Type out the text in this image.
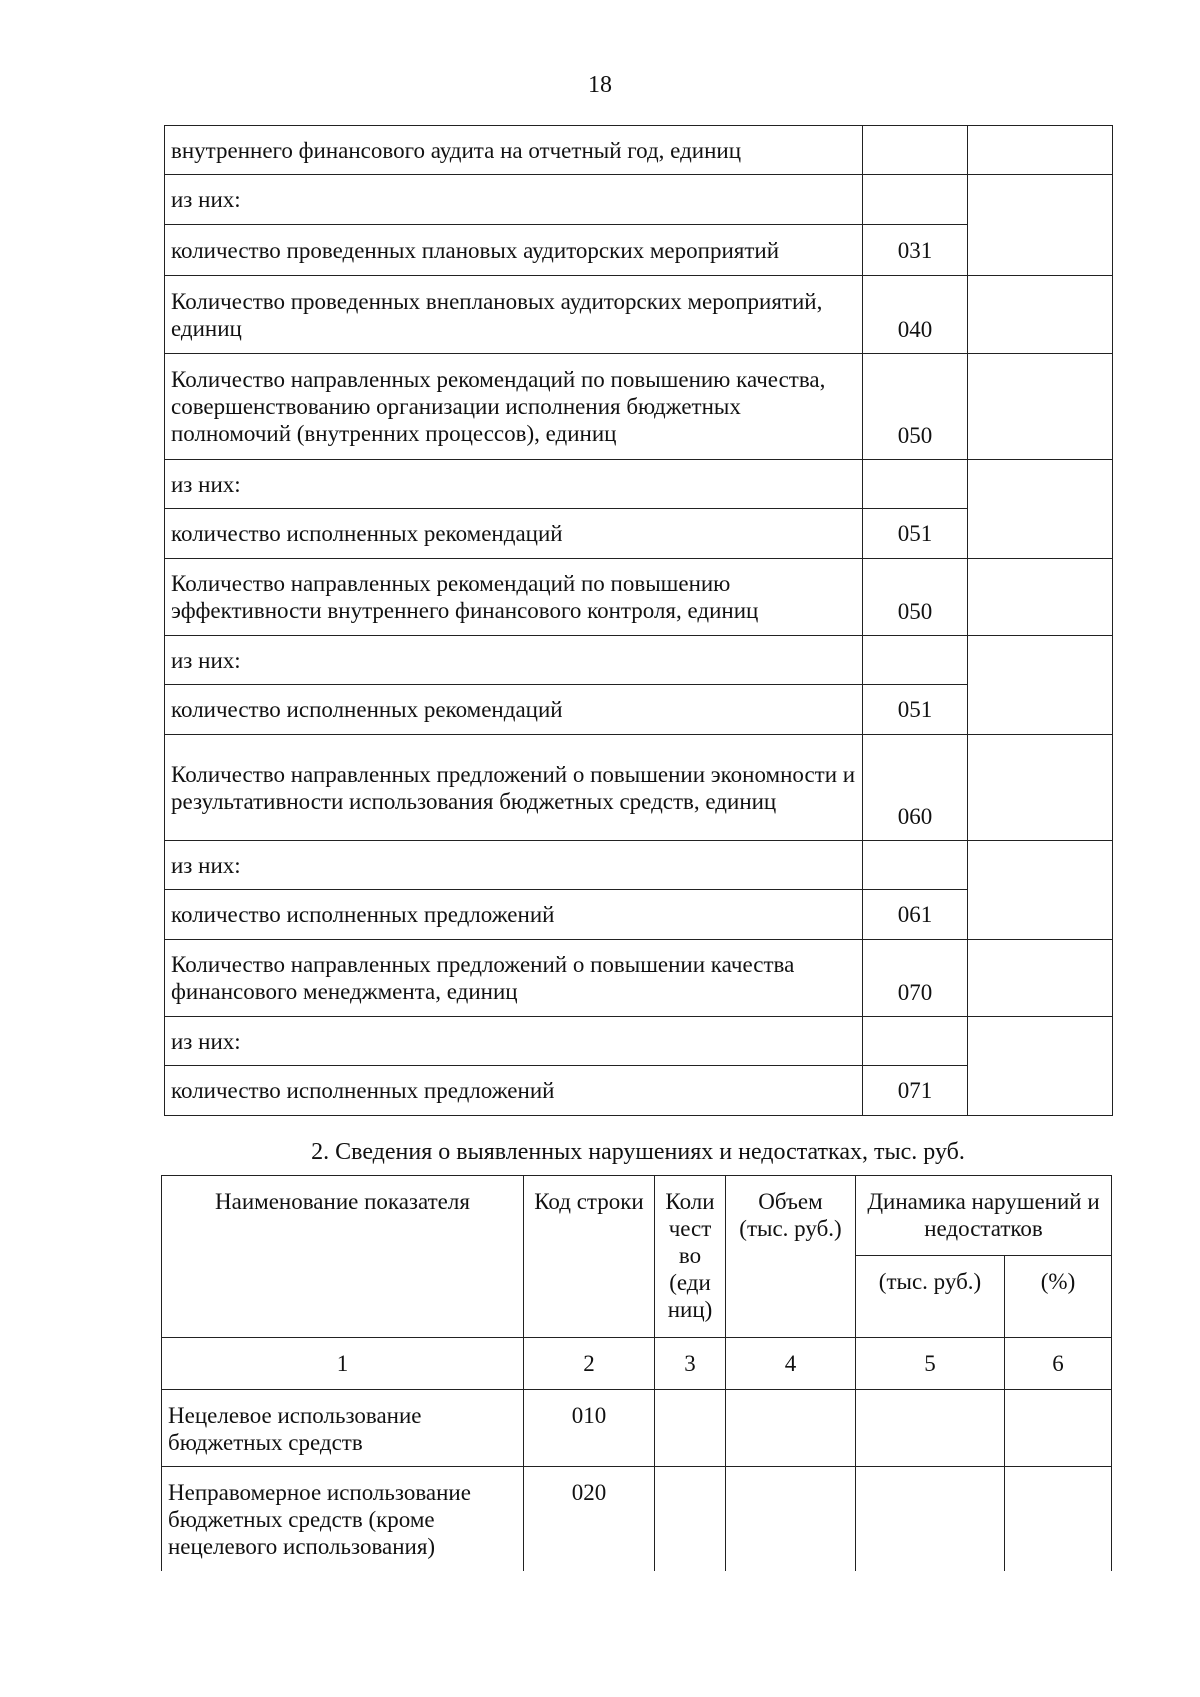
18
внутреннего финансового аудита на отчетный год, единиц		
из них:		
количество проведенных плановых аудиторских мероприятий	031	
Количество проведенных внеплановых аудиторских мероприятий, единиц	040	
Количество направленных рекомендаций по повышению качества, совершенствованию организации исполнения бюджетных полномочий (внутренних процессов), единиц	050	
из них:		
количество исполненных рекомендаций	051	
Количество направленных рекомендаций по повышению эффективности внутреннего финансового контроля, единиц	050	
из них:		
количество исполненных рекомендаций	051	
Количество направленных предложений о повышении экономности и результативности использования бюджетных средств, единиц	060	
из них:		
количество исполненных предложений	061	
Количество направленных предложений о повышении качества финансового менеджмента, единиц	070	
из них:		
количество исполненных предложений	071	
2. Сведения о выявленных нарушениях и недостатках, тыс. руб.
Наименование показателя	Код строки	Коли чест во (еди ниц)	Объем (тыс. руб.)	Динамика нарушений и недостатков	
				(тыс. руб.)	(%)
1	2	3	4	5	6
Нецелевое использование бюджетных средств	010				
Неправомерное использование бюджетных средств (кроме нецелевого использования)	020				
